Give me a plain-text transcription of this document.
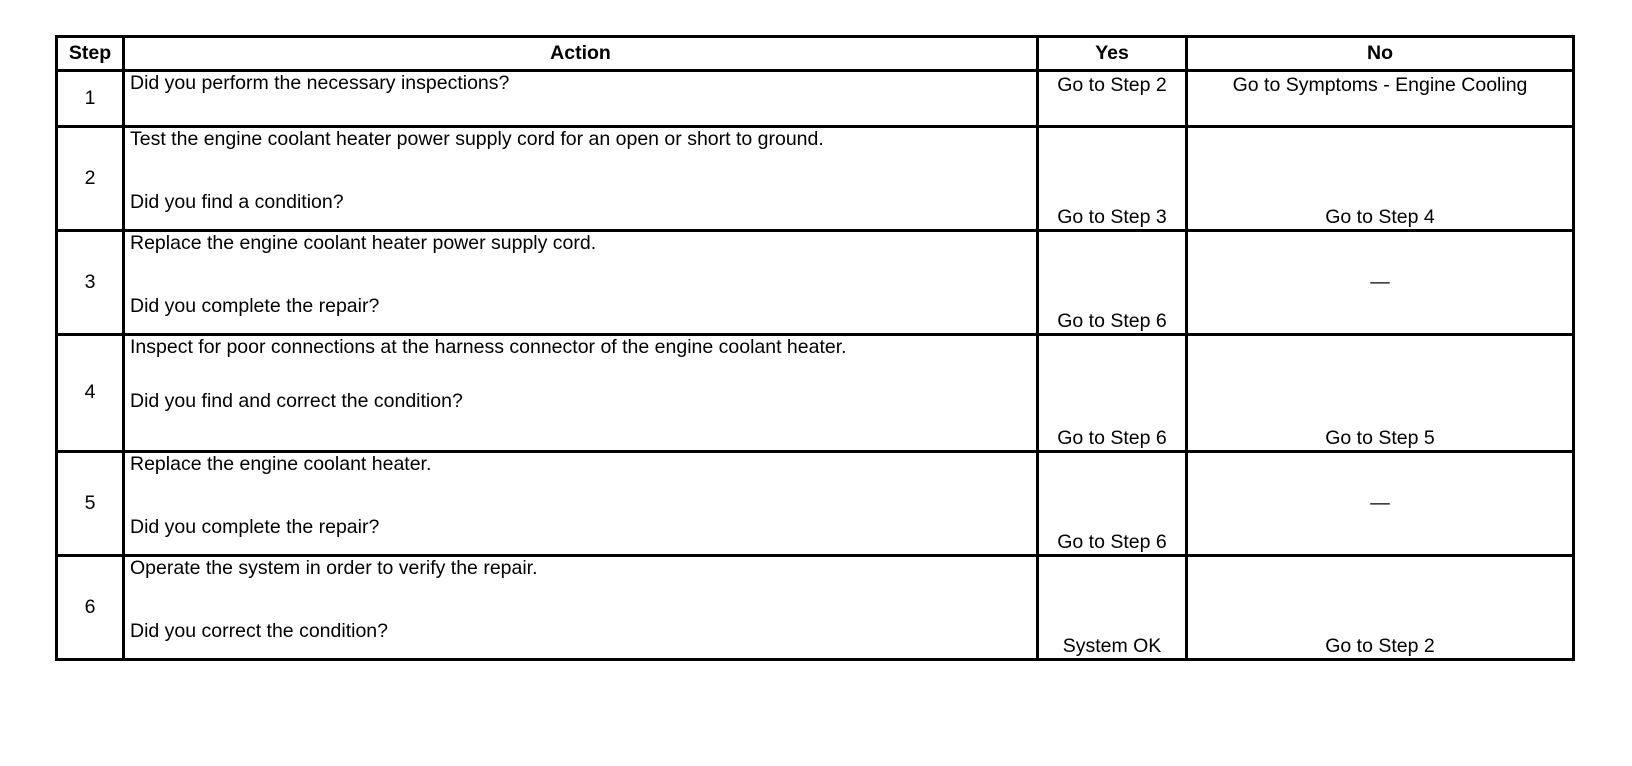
Step	Action	Yes	No
1	Did you perform the necessary inspections?	Go to Step 2	Go to Symptoms - Engine Cooling
2	Test the engine coolant heater power supply cord for an open or short to ground.
Did you find a condition?	Go to Step 3	Go to Step 4
3	Replace the engine coolant heater power supply cord.
Did you complete the repair?	Go to Step 6	—
4	Inspect for poor connections at the harness connector of the engine coolant heater.
Did you find and correct the condition?	Go to Step 6	Go to Step 5
5	Replace the engine coolant heater.
Did you complete the repair?	Go to Step 6	—
6	Operate the system in order to verify the repair.
Did you correct the condition?	System OK	Go to Step 2
